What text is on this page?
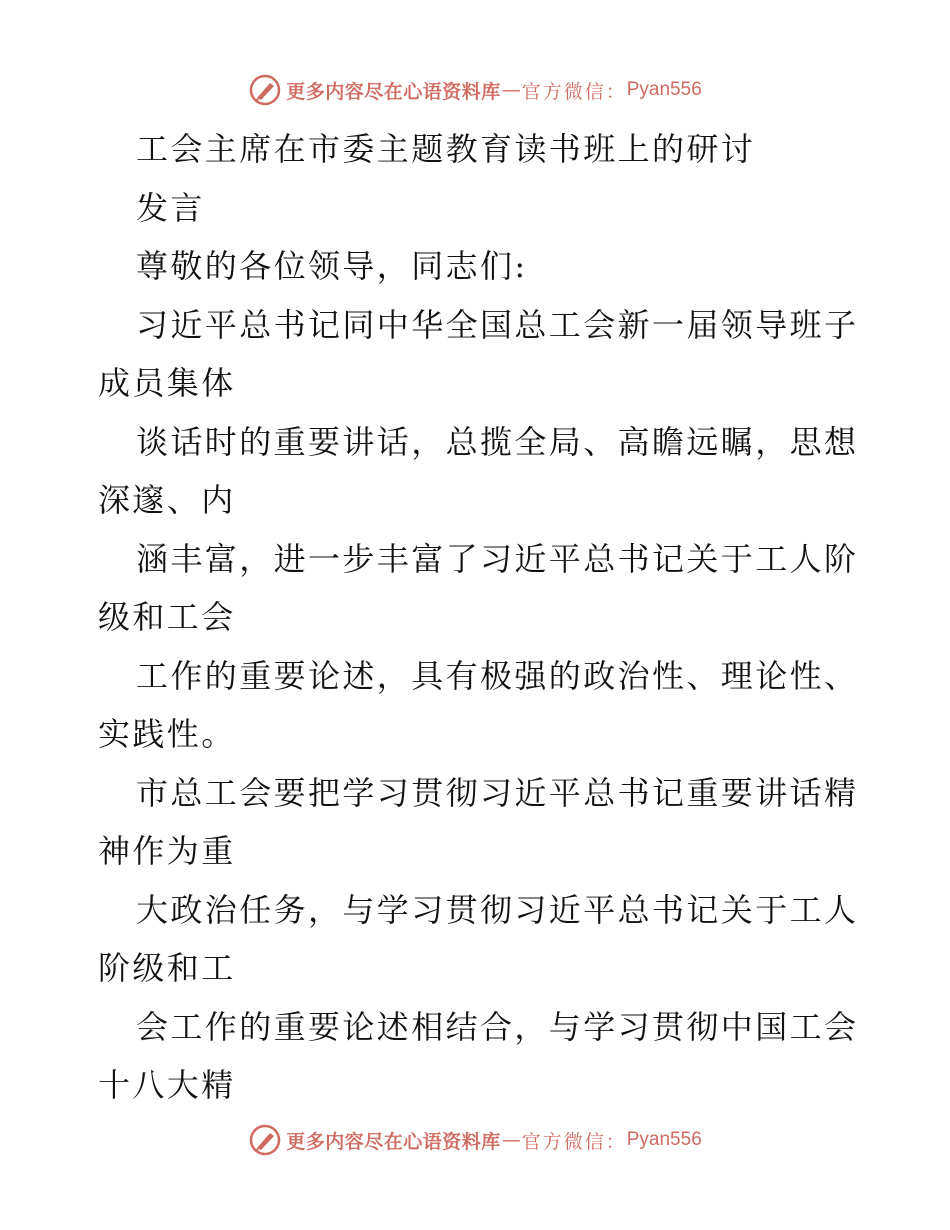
更多内容尽在心语资料库 — 官方微信： Pyan556
工会主席在市委主题教育读书班上的研讨
发言
尊敬的各位领导，同志们:
习近平总书记同中华全国总工会新一届领导班子
成员集体
谈话时的重要讲话，总揽全局、高瞻远瞩，思想
深邃、内
涵丰富，进一步丰富了习近平总书记关于工人阶
级和工会
工作的重要论述，具有极强的政治性、理论性、
实践性。
市总工会要把学习贯彻习近平总书记重要讲话精
神作为重
大政治任务，与学习贯彻习近平总书记关于工人
阶级和工
会工作的重要论述相结合，与学习贯彻中国工会
十八大精
更多内容尽在心语资料库 — 官方微信： Pyan556
